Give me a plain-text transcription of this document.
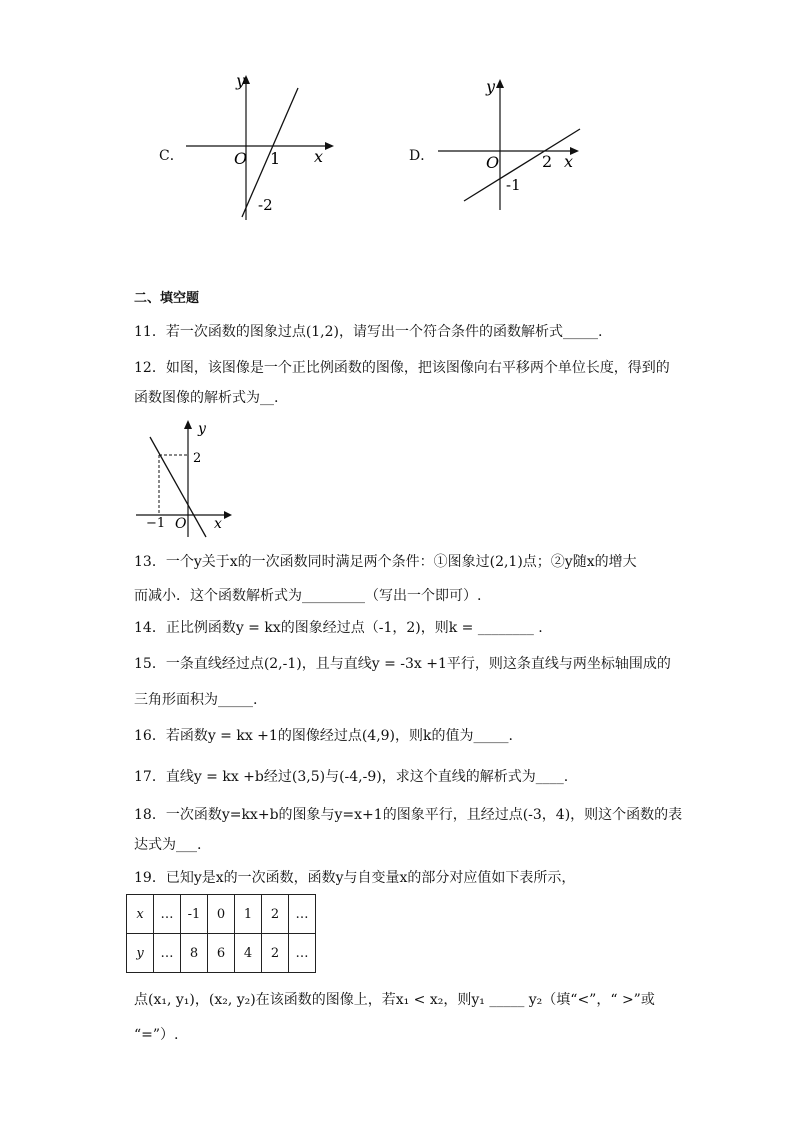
C．
y
O 1 x
-2
D．
y
O	2 x
-1
二、填空题
11．若一次函数的图象过点(1,2)，请写出一个符合条件的函数解析式_____.
12．如图，该图像是一个正比例函数的图像，把该图像向右平移两个单位长度，得到的
函数图像的解析式为__.
y
2
−1 O x
13．一个y关于x的一次函数同时满足两个条件：①图象过(2,1)点；②y随x的增大
而减小．这个函数解析式为_________（写出一个即可）.
14．正比例函数y = kx的图象经过点（-1，2)，则k = ________ .
15．一条直线经过点(2,-1)，且与直线y = -3x +1平行，则这条直线与两坐标轴围成的
三角形面积为_____.
16．若函数y = kx +1的图像经过点(4,9)，则k的值为_____.
17．直线y = kx +b经过(3,5)与(-4,-9)，求这个直线的解析式为____.
18．一次函数y=kx+b的图象与y=x+1的图象平行，且经过点(-3，4)，则这个函数的表
达式为___.
19．已知y是x的一次函数，函数y与自变量x的部分对应值如下表所示，
x	…	-1	0	1	2	…
y	…	8	6	4	2	…
点(x₁, y₁)，(x₂, y₂)在该函数的图像上，若x₁ < x₂，则y₁ _____ y₂（填“<”，“ >”或
“=”）.
